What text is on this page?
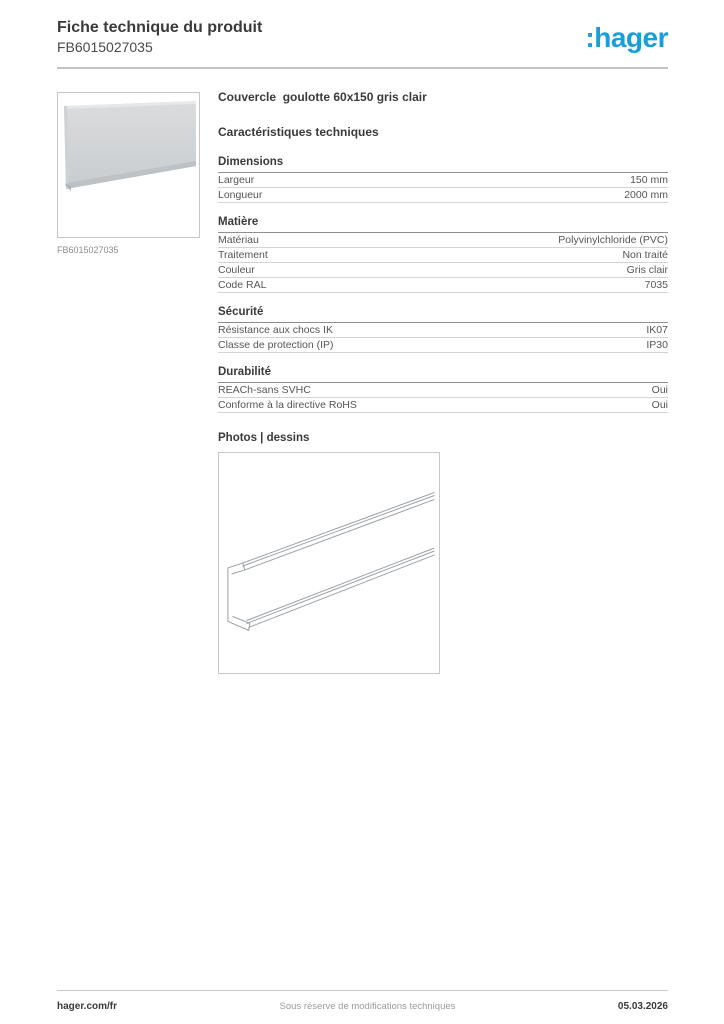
Fiche technique du produit
FB6015027035	:hager
FB6015027035
Couvercle  goulotte 60x150 gris clair
Caractéristiques techniques
Dimensions
Largeur	150 mm
Longueur	2000 mm
Matière
Matériau	Polyvinylchloride (PVC)
Traitement	Non traité
Couleur	Gris clair
Code RAL	7035
Sécurité
Résistance aux chocs IK	IK07
Classe de protection (IP)	IP30
Durabilité
REACh-sans SVHC	Oui
Conforme à la directive RoHS	Oui
Photos | dessins
hager.com/fr	Sous réserve de modifications techniques	05.03.2026
